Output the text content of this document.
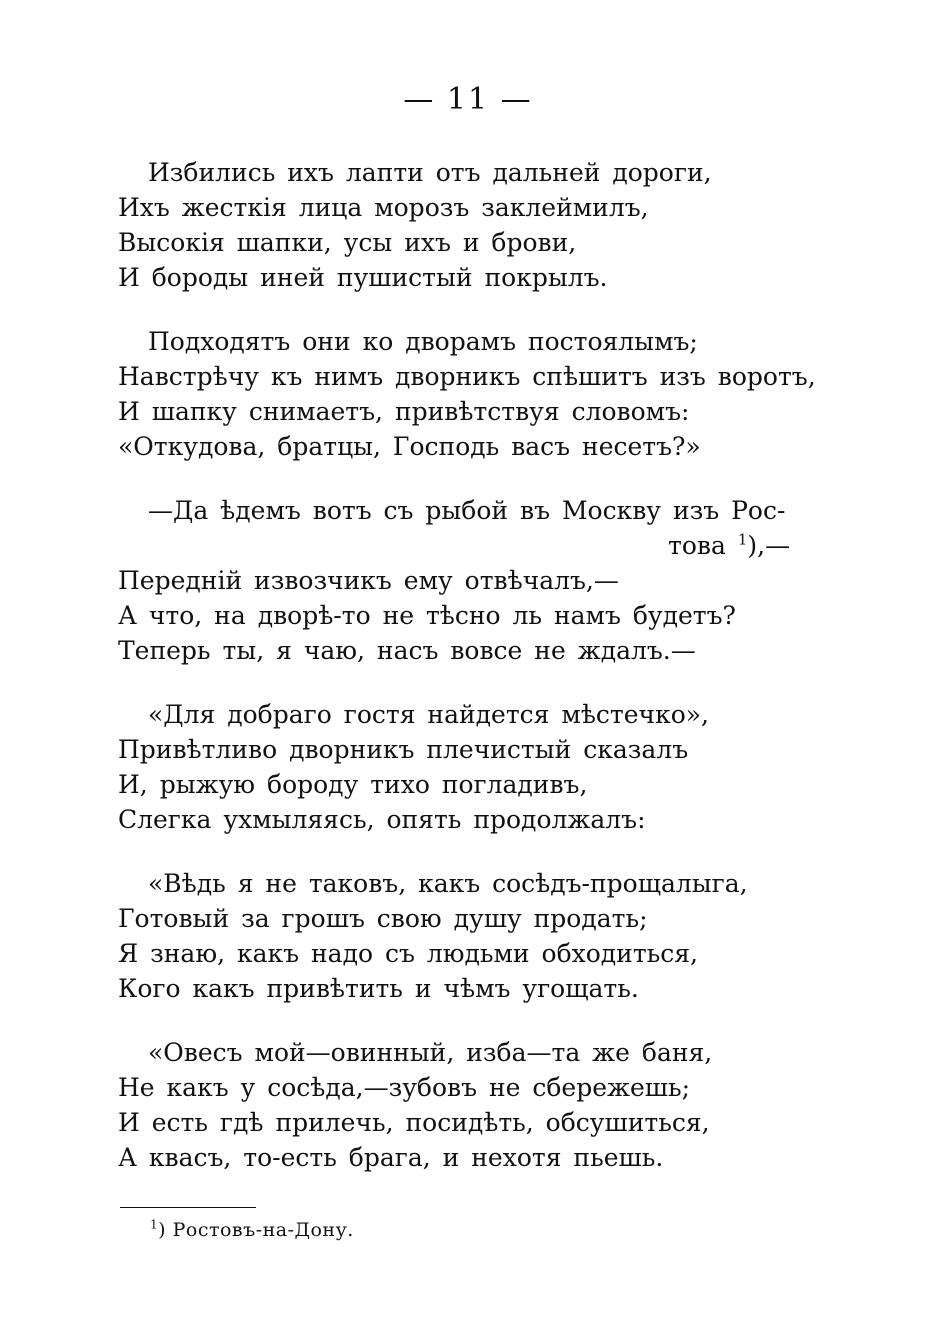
— 11 —
Избились ихъ лапти отъ дальней дороги,
Ихъ жесткія лица морозъ заклеймилъ,
Высокія шапки, усы ихъ и брови,
И бороды иней пушистый покрылъ.
Подходятъ они ко дворамъ постоялымъ;
Навстрѣчу къ нимъ дворникъ спѣшитъ изъ воротъ,
И шапку снимаетъ, привѣтствуя словомъ:
«Откудова, братцы, Господь васъ несетъ?»
—Да ѣдемъ вотъ съ рыбой въ Москву изъ Рос-
това $^1$),—
Передній извозчикъ ему отвѣчалъ,—
А что, на дворѣ-то не тѣсно ль намъ будетъ?
Теперь ты, я чаю, насъ вовсе не ждалъ.—
«Для добраго гостя найдется мѣстечко»,
Привѣтливо дворникъ плечистый сказалъ
И, рыжую бороду тихо погладивъ,
Слегка ухмыляясь, опять продолжалъ:
«Вѣдь я не таковъ, какъ сосѣдъ-прощалыга,
Готовый за грошъ свою душу продать;
Я знаю, какъ надо съ людьми обходиться,
Кого какъ привѣтить и чѣмъ угощать.
«Овесъ мой—овинный, изба—та же баня,
Не какъ у сосѣда,—зубовъ не сбережешь;
И есть гдѣ прилечь, посидѣть, обсушиться,
А квасъ, то-есть брага, и нехотя пьешь.
$^1$) Ростовъ-на-Дону.
